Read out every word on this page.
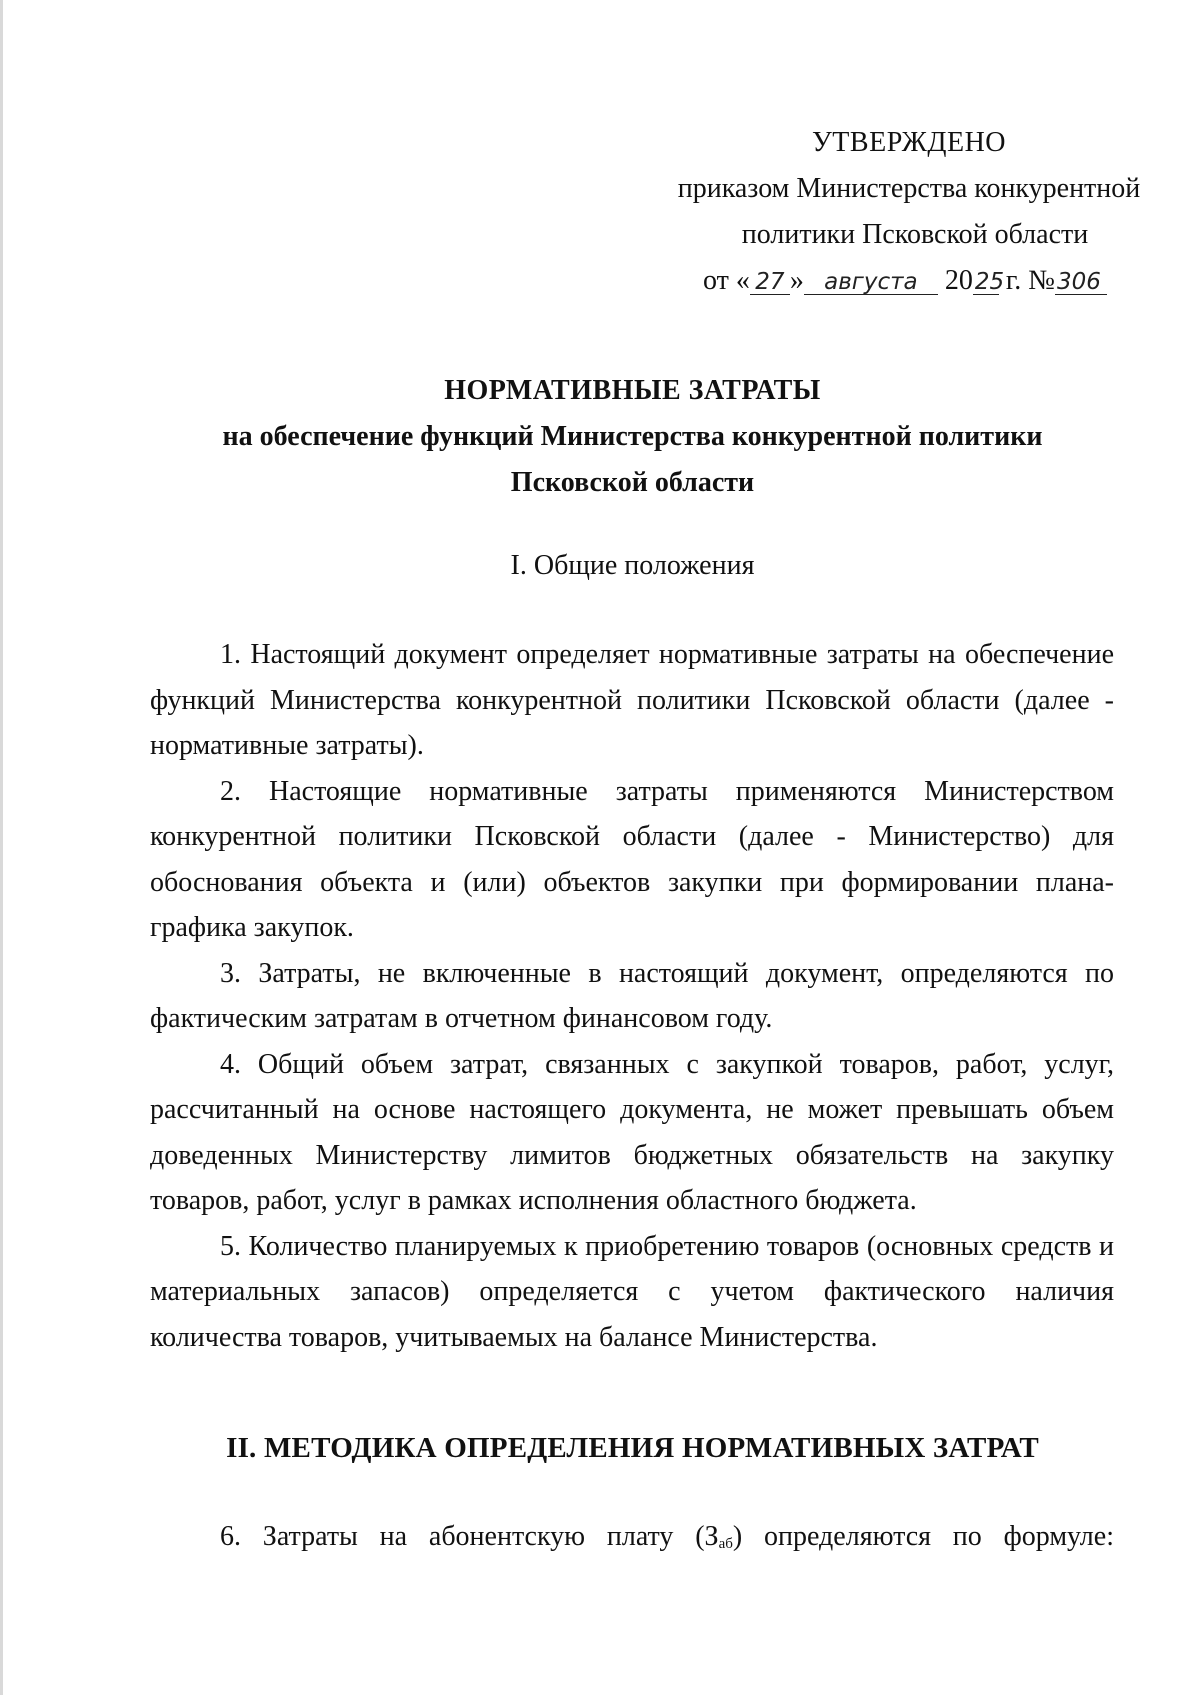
УТВЕРЖДЕНО
приказом Министерства конкурентной
политики Псковской области
от « 27 » августа 2025 г. №306
НОРМАТИВНЫЕ ЗАТРАТЫ
на обеспечение функций Министерства конкурентной политики
Псковской области
I. Общие положения

1. Настоящий документ определяет нормативные затраты на обеспечение функций Министерства конкурентной политики Псковской области (далее - нормативные затраты).

2. Настоящие нормативные затраты применяются Министерством конкурентной политики Псковской области (далее - Министерство) для обоснования объекта и (или) объектов закупки при формировании плана-графика закупок.

3. Затраты, не включенные в настоящий документ, определяются по фактическим затратам в отчетном финансовом году.

4. Общий объем затрат, связанных с закупкой товаров, работ, услуг, рассчитанный на основе настоящего документа, не может превышать объем доведенных Министерству лимитов бюджетных обязательств на закупку товаров, работ, услуг в рамках исполнения областного бюджета.

5. Количество планируемых к приобретению товаров (основных средств и материальных запасов) определяется с учетом фактического наличия количества товаров, учитываемых на балансе Министерства.

II. МЕТОДИКА ОПРЕДЕЛЕНИЯ НОРМАТИВНЫХ ЗАТРАТ

6. Затраты на абонентскую плату $(З_{аб})$ определяются по формуле:
